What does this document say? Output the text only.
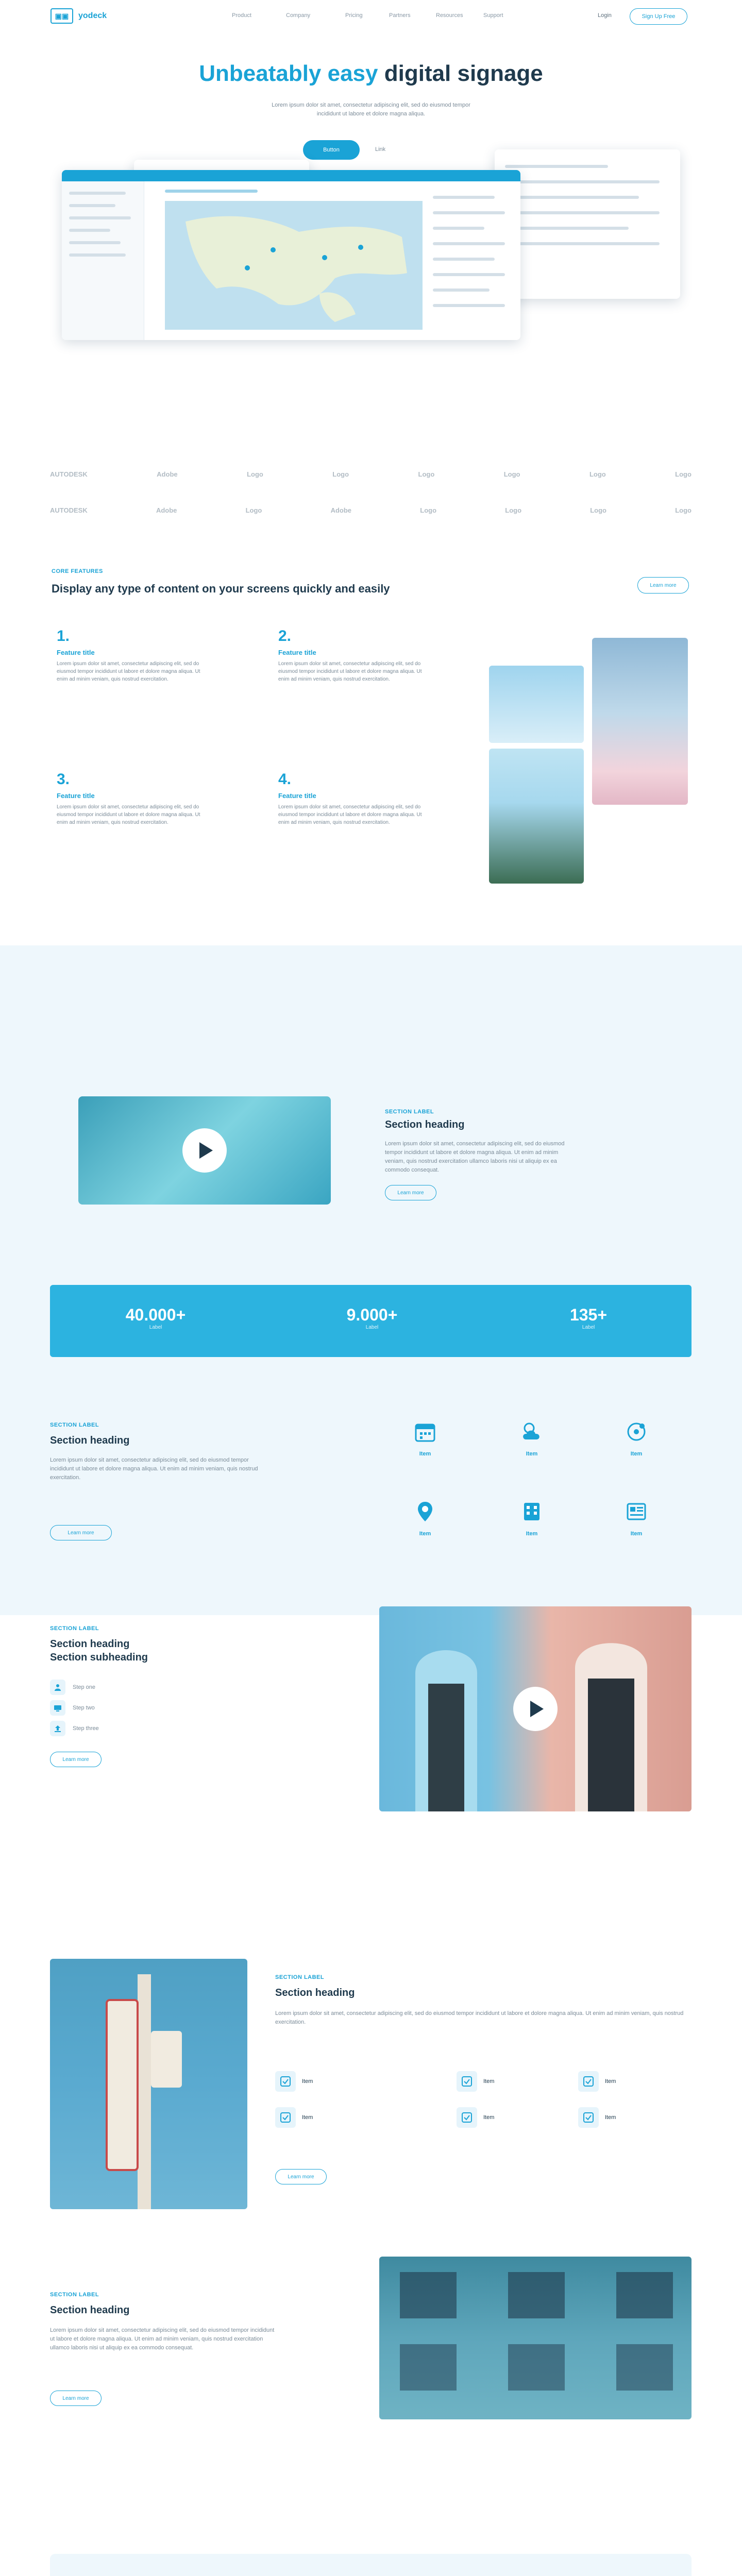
▣▣	yodeck	Product	Company	Pricing	Partners	Resources	Support	Login	Sign Up Free
Unbeatably easy digital signage
Lorem ipsum dolor sit amet, consectetur adipiscing elit, sed do eiusmod tempor incididunt ut labore et dolore magna aliqua.
Button	Link
AUTODESK	Adobe	Logo	Logo	Logo	Logo	Logo	Logo
AUTODESK	Adobe	Logo	Adobe	Logo	Logo	Logo	Logo
CORE FEATURES
Display any type of content on your screens quickly and easily	Learn more
1.
Feature title
Lorem ipsum dolor sit amet, consectetur adipiscing elit, sed do eiusmod tempor incididunt ut labore et dolore magna aliqua. Ut enim ad minim veniam, quis nostrud exercitation.
2.
Feature title
Lorem ipsum dolor sit amet, consectetur adipiscing elit, sed do eiusmod tempor incididunt ut labore et dolore magna aliqua. Ut enim ad minim veniam, quis nostrud exercitation.
3.
Feature title
Lorem ipsum dolor sit amet, consectetur adipiscing elit, sed do eiusmod tempor incididunt ut labore et dolore magna aliqua. Ut enim ad minim veniam, quis nostrud exercitation.
4.
Feature title
Lorem ipsum dolor sit amet, consectetur adipiscing elit, sed do eiusmod tempor incididunt ut labore et dolore magna aliqua. Ut enim ad minim veniam, quis nostrud exercitation.
SECTION LABEL
Section heading
Lorem ipsum dolor sit amet, consectetur adipiscing elit, sed do eiusmod tempor incididunt ut labore et dolore magna aliqua. Ut enim ad minim veniam, quis nostrud exercitation ullamco laboris nisi ut aliquip ex ea commodo consequat.
Learn more
40.000+
Label
9.000+
Label
135+
Label
SECTION LABEL
Section heading
Lorem ipsum dolor sit amet, consectetur adipiscing elit, sed do eiusmod tempor incididunt ut labore et dolore magna aliqua. Ut enim ad minim veniam, quis nostrud exercitation.
Learn more
Item	Item	Item
Item	Item	Item
SECTION LABEL
Section heading
Section subheading
Step one
Step two
Step three
Learn more
SECTION LABEL
Section heading
Lorem ipsum dolor sit amet, consectetur adipiscing elit, sed do eiusmod tempor incididunt ut labore et dolore magna aliqua. Ut enim ad minim veniam, quis nostrud exercitation.
Item	Item	Item
Item	Item	Item
Learn more
SECTION LABEL
Section heading
Lorem ipsum dolor sit amet, consectetur adipiscing elit, sed do eiusmod tempor incididunt ut labore et dolore magna aliqua. Ut enim ad minim veniam, quis nostrud exercitation ullamco laboris nisi ut aliquip ex ea commodo consequat.
Learn more
